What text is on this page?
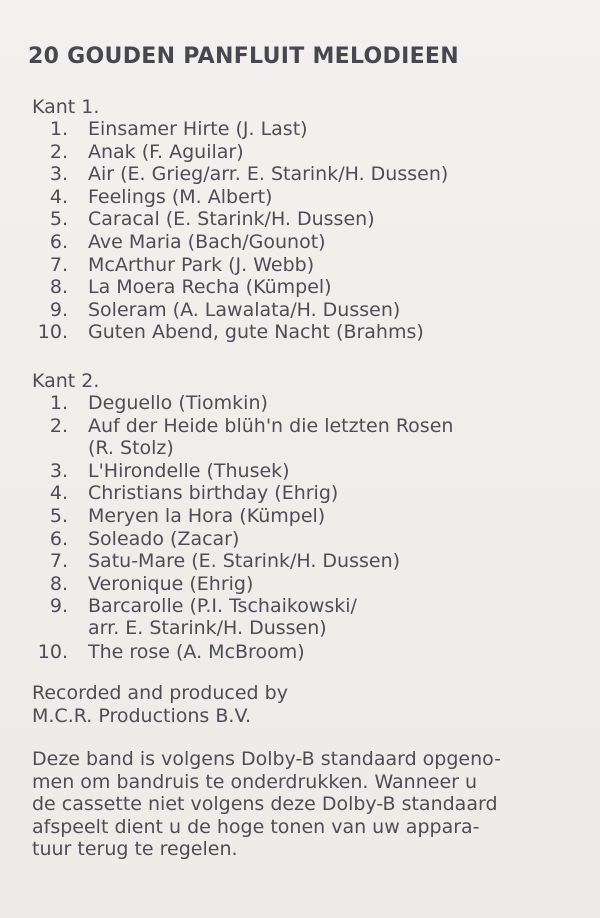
20 GOUDEN PANFLUIT MELODIEEN
Kant 1.
1. Einsamer Hirte (J. Last)
2. Anak (F. Aguilar)
3. Air (E. Grieg/arr. E. Starink/H. Dussen)
4. Feelings (M. Albert)
5. Caracal (E. Starink/H. Dussen)
6. Ave Maria (Bach/Gounot)
7. McArthur Park (J. Webb)
8. La Moera Recha (Kümpel)
9. Soleram (A. Lawalata/H. Dussen)
10. Guten Abend, gute Nacht (Brahms)
Kant 2.
1. Deguello (Tiomkin)
2. Auf der Heide blüh'n die letzten Rosen
(R. Stolz)
3. L'Hirondelle (Thusek)
4. Christians birthday (Ehrig)
5. Meryen la Hora (Kümpel)
6. Soleado (Zacar)
7. Satu-Mare (E. Starink/H. Dussen)
8. Veronique (Ehrig)
9. Barcarolle (P.I. Tschaikowski/
arr. E. Starink/H. Dussen)
10. The rose (A. McBroom)
Recorded and produced by
M.C.R. Productions B.V.
Deze band is volgens Dolby-B standaard opgeno-
men om bandruis te onderdrukken. Wanneer u
de cassette niet volgens deze Dolby-B standaard
afspeelt dient u de hoge tonen van uw appara-
tuur terug te regelen.
